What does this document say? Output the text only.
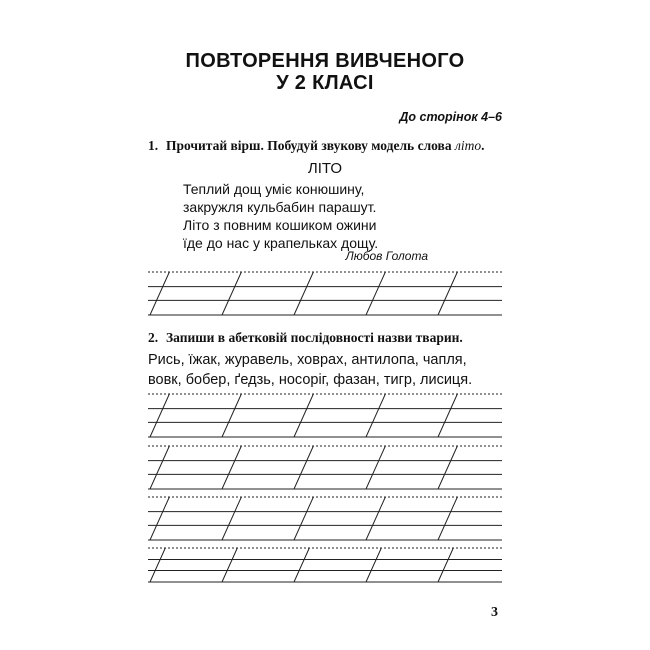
ПОВТОРЕННЯ ВИВЧЕНОГО
У 2 КЛАСІ
До сторінок 4–6
1. Прочитай вірш. Побудуй звукову модель слова літо.
ЛІТО
Теплий дощ уміє конюшину,
закружля кульбабин парашут.
Літо з повним кошиком ожини
їде до нас у крапельках дощу.
Любов Голота
2. Запиши в абетковій послідовності назви тварин.
Рись, їжак, журавель, ховрах, антилопа, чапля,
вовк, бобер, ґедзь, носоріг, фазан, тигр, лисиця.
3
